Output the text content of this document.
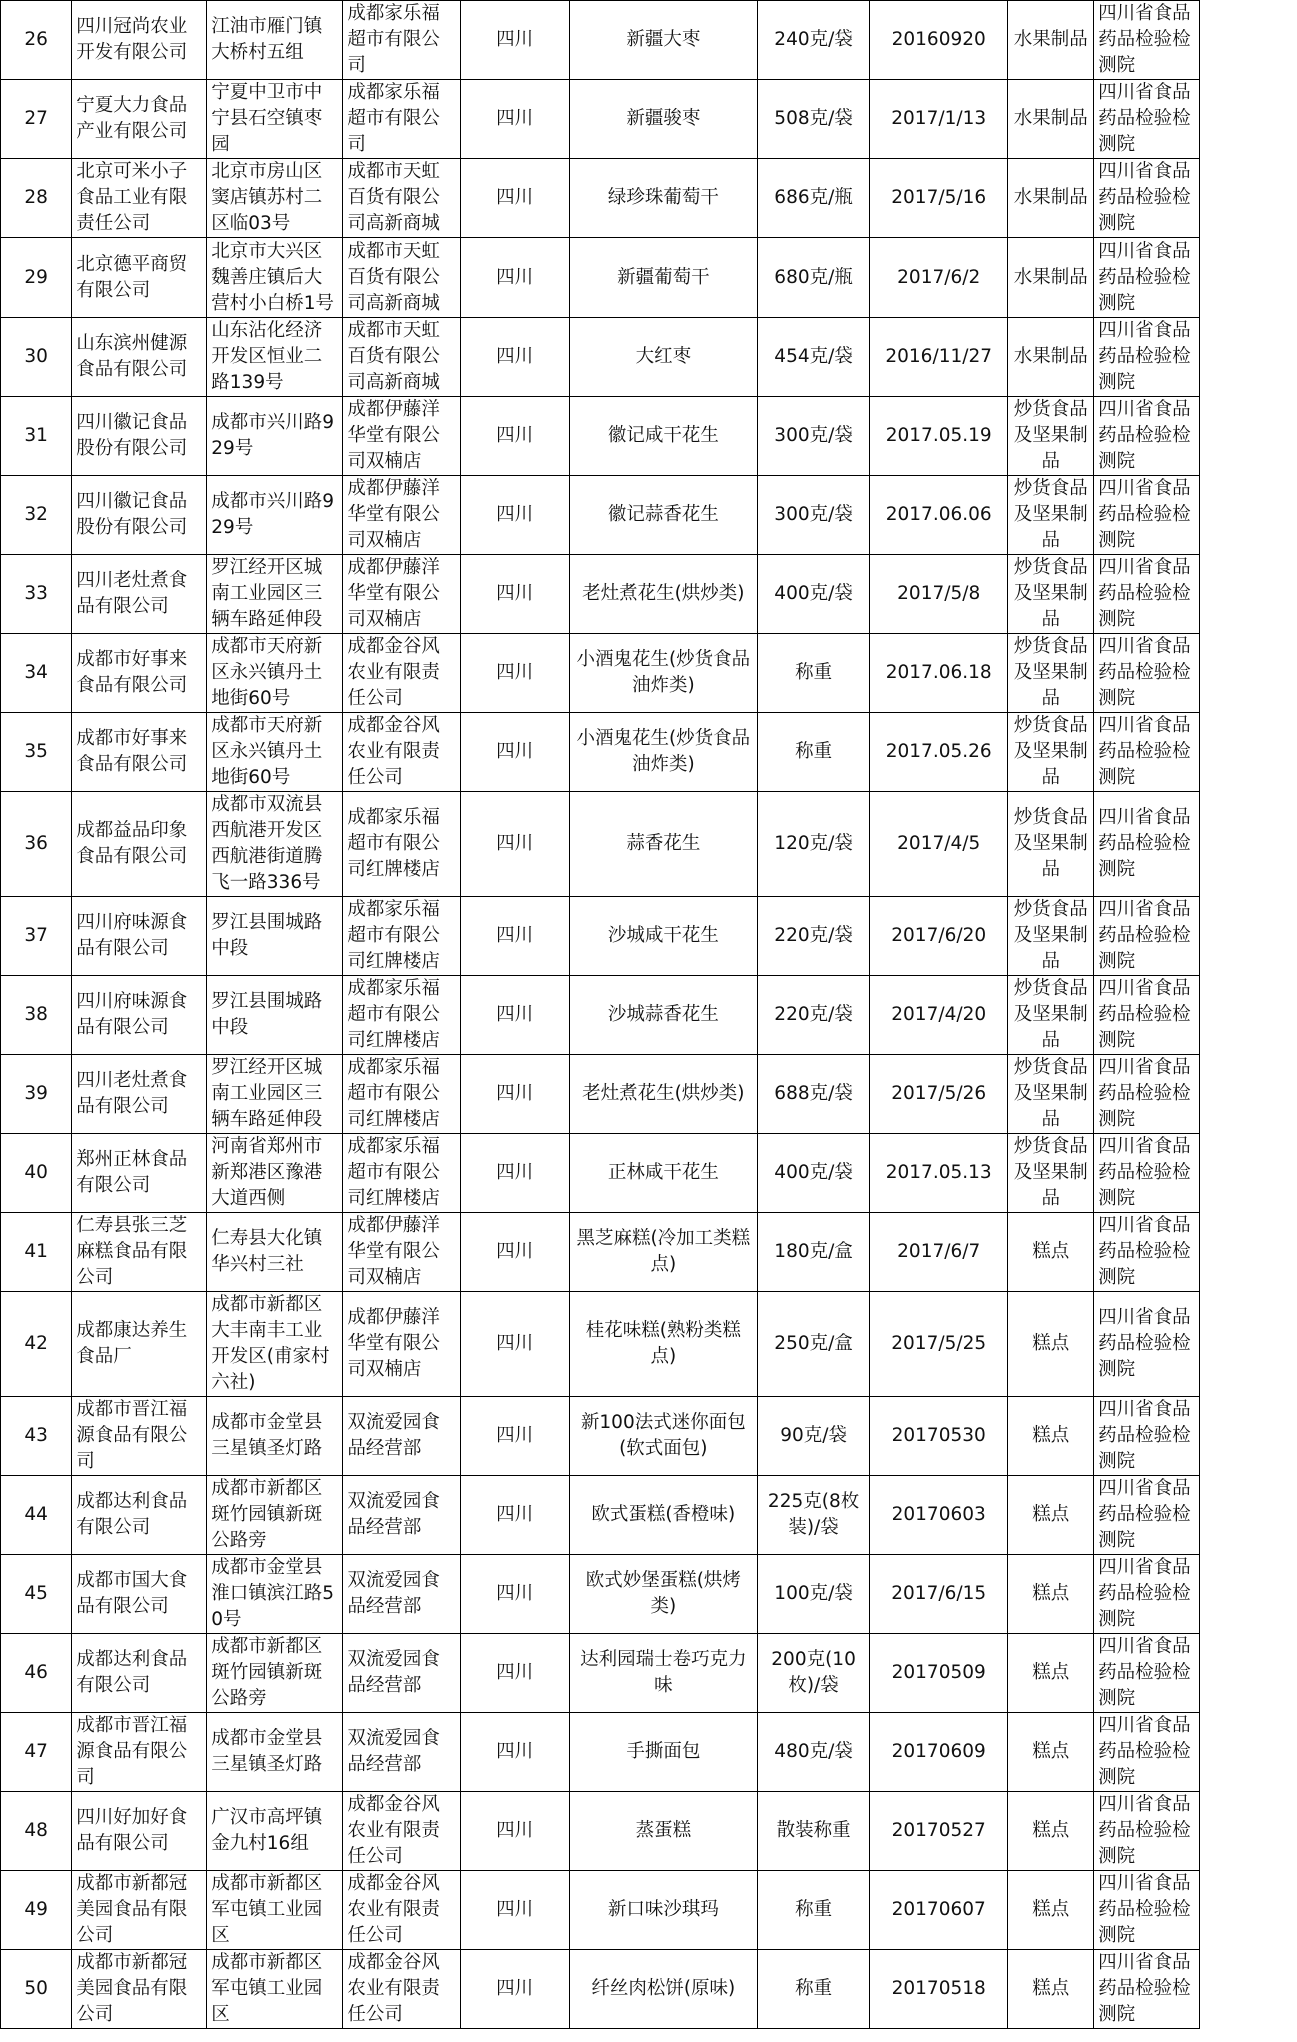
26	四川冠尚农业开发有限公司	江油市雁门镇大桥村五组	成都家乐福超市有限公司	四川	新疆大枣	240克/袋	20160920	水果制品	四川省食品药品检验检测院
27	宁夏大力食品产业有限公司	宁夏中卫市中宁县石空镇枣园	成都家乐福超市有限公司	四川	新疆骏枣	508克/袋	2017/1/13	水果制品	四川省食品药品检验检测院
28	北京可米小子食品工业有限责任公司	北京市房山区窦店镇苏村二区临03号	成都市天虹百货有限公司高新商城	四川	绿珍珠葡萄干	686克/瓶	2017/5/16	水果制品	四川省食品药品检验检测院
29	北京德平商贸有限公司	北京市大兴区魏善庄镇后大营村小白桥1号	成都市天虹百货有限公司高新商城	四川	新疆葡萄干	680克/瓶	2017/6/2	水果制品	四川省食品药品检验检测院
30	山东滨州健源食品有限公司	山东沾化经济开发区恒业二路139号	成都市天虹百货有限公司高新商城	四川	大红枣	454克/袋	2016/11/27	水果制品	四川省食品药品检验检测院
31	四川徽记食品股份有限公司	成都市兴川路929号	成都伊藤洋华堂有限公司双楠店	四川	徽记咸干花生	300克/袋	2017.05.19	炒货食品及坚果制品	四川省食品药品检验检测院
32	四川徽记食品股份有限公司	成都市兴川路929号	成都伊藤洋华堂有限公司双楠店	四川	徽记蒜香花生	300克/袋	2017.06.06	炒货食品及坚果制品	四川省食品药品检验检测院
33	四川老灶煮食品有限公司	罗江经开区城南工业园区三辆车路延伸段	成都伊藤洋华堂有限公司双楠店	四川	老灶煮花生(烘炒类)	400克/袋	2017/5/8	炒货食品及坚果制品	四川省食品药品检验检测院
34	成都市好事来食品有限公司	成都市天府新区永兴镇丹土地街60号	成都金谷风农业有限责任公司	四川	小酒鬼花生(炒货食品油炸类)	称重	2017.06.18	炒货食品及坚果制品	四川省食品药品检验检测院
35	成都市好事来食品有限公司	成都市天府新区永兴镇丹土地街60号	成都金谷风农业有限责任公司	四川	小酒鬼花生(炒货食品油炸类)	称重	2017.05.26	炒货食品及坚果制品	四川省食品药品检验检测院
36	成都益品印象食品有限公司	成都市双流县西航港开发区西航港街道腾飞一路336号	成都家乐福超市有限公司红牌楼店	四川	蒜香花生	120克/袋	2017/4/5	炒货食品及坚果制品	四川省食品药品检验检测院
37	四川府味源食品有限公司	罗江县围城路中段	成都家乐福超市有限公司红牌楼店	四川	沙城咸干花生	220克/袋	2017/6/20	炒货食品及坚果制品	四川省食品药品检验检测院
38	四川府味源食品有限公司	罗江县围城路中段	成都家乐福超市有限公司红牌楼店	四川	沙城蒜香花生	220克/袋	2017/4/20	炒货食品及坚果制品	四川省食品药品检验检测院
39	四川老灶煮食品有限公司	罗江经开区城南工业园区三辆车路延伸段	成都家乐福超市有限公司红牌楼店	四川	老灶煮花生(烘炒类)	688克/袋	2017/5/26	炒货食品及坚果制品	四川省食品药品检验检测院
40	郑州正林食品有限公司	河南省郑州市新郑港区豫港大道西侧	成都家乐福超市有限公司红牌楼店	四川	正林咸干花生	400克/袋	2017.05.13	炒货食品及坚果制品	四川省食品药品检验检测院
41	仁寿县张三芝麻糕食品有限公司	仁寿县大化镇华兴村三社	成都伊藤洋华堂有限公司双楠店	四川	黑芝麻糕(冷加工类糕点)	180克/盒	2017/6/7	糕点	四川省食品药品检验检测院
42	成都康达养生食品厂	成都市新都区大丰南丰工业开发区(甫家村六社)	成都伊藤洋华堂有限公司双楠店	四川	桂花味糕(熟粉类糕点)	250克/盒	2017/5/25	糕点	四川省食品药品检验检测院
43	成都市晋江福源食品有限公司	成都市金堂县三星镇圣灯路	双流爱园食品经营部	四川	新100法式迷你面包(软式面包)	90克/袋	20170530	糕点	四川省食品药品检验检测院
44	成都达利食品有限公司	成都市新都区斑竹园镇新斑公路旁	双流爱园食品经营部	四川	欧式蛋糕(香橙味)	225克(8枚装)/袋	20170603	糕点	四川省食品药品检验检测院
45	成都市国大食品有限公司	成都市金堂县淮口镇滨江路50号	双流爱园食品经营部	四川	欧式妙堡蛋糕(烘烤类)	100克/袋	2017/6/15	糕点	四川省食品药品检验检测院
46	成都达利食品有限公司	成都市新都区斑竹园镇新斑公路旁	双流爱园食品经营部	四川	达利园瑞士卷巧克力味	200克(10枚)/袋	20170509	糕点	四川省食品药品检验检测院
47	成都市晋江福源食品有限公司	成都市金堂县三星镇圣灯路	双流爱园食品经营部	四川	手撕面包	480克/袋	20170609	糕点	四川省食品药品检验检测院
48	四川好加好食品有限公司	广汉市高坪镇金九村16组	成都金谷风农业有限责任公司	四川	蒸蛋糕	散装称重	20170527	糕点	四川省食品药品检验检测院
49	成都市新都冠美园食品有限公司	成都市新都区军屯镇工业园区	成都金谷风农业有限责任公司	四川	新口味沙琪玛	称重	20170607	糕点	四川省食品药品检验检测院
50	成都市新都冠美园食品有限公司	成都市新都区军屯镇工业园区	成都金谷风农业有限责任公司	四川	纤丝肉松饼(原味)	称重	20170518	糕点	四川省食品药品检验检测院
